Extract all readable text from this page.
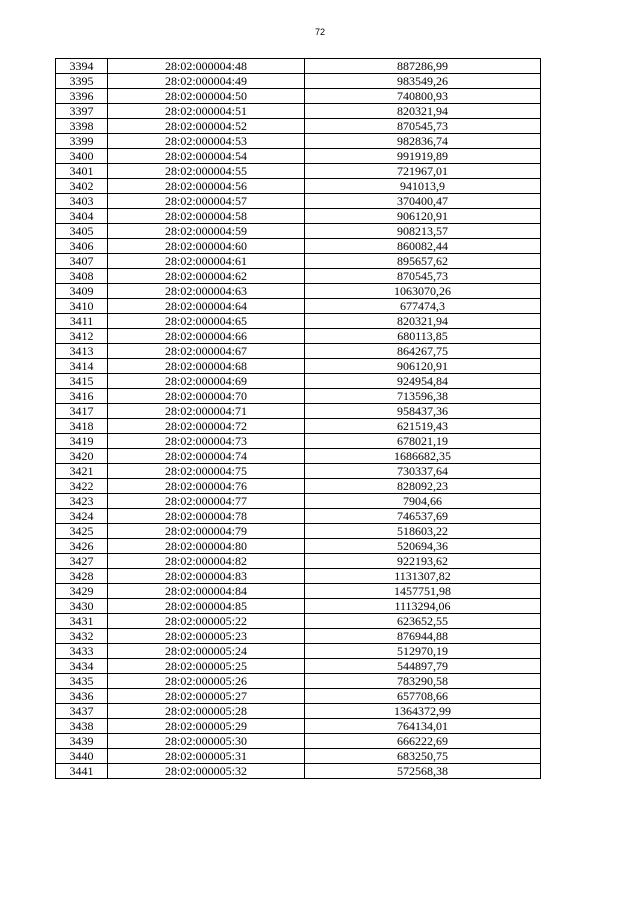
72
3394	28:02:000004:48	887286,99
3395	28:02:000004:49	983549,26
3396	28:02:000004:50	740800,93
3397	28:02:000004:51	820321,94
3398	28:02:000004:52	870545,73
3399	28:02:000004:53	982836,74
3400	28:02:000004:54	991919,89
3401	28:02:000004:55	721967,01
3402	28:02:000004:56	941013,9
3403	28:02:000004:57	370400,47
3404	28:02:000004:58	906120,91
3405	28:02:000004:59	908213,57
3406	28:02:000004:60	860082,44
3407	28:02:000004:61	895657,62
3408	28:02:000004:62	870545,73
3409	28:02:000004:63	1063070,26
3410	28:02:000004:64	677474,3
3411	28:02:000004:65	820321,94
3412	28:02:000004:66	680113,85
3413	28:02:000004:67	864267,75
3414	28:02:000004:68	906120,91
3415	28:02:000004:69	924954,84
3416	28:02:000004:70	713596,38
3417	28:02:000004:71	958437,36
3418	28:02:000004:72	621519,43
3419	28:02:000004:73	678021,19
3420	28:02:000004:74	1686682,35
3421	28:02:000004:75	730337,64
3422	28:02:000004:76	828092,23
3423	28:02:000004:77	7904,66
3424	28:02:000004:78	746537,69
3425	28:02:000004:79	518603,22
3426	28:02:000004:80	520694,36
3427	28:02:000004:82	922193,62
3428	28:02:000004:83	1131307,82
3429	28:02:000004:84	1457751,98
3430	28:02:000004:85	1113294,06
3431	28:02:000005:22	623652,55
3432	28:02:000005:23	876944,88
3433	28:02:000005:24	512970,19
3434	28:02:000005:25	544897,79
3435	28:02:000005:26	783290,58
3436	28:02:000005:27	657708,66
3437	28:02:000005:28	1364372,99
3438	28:02:000005:29	764134,01
3439	28:02:000005:30	666222,69
3440	28:02:000005:31	683250,75
3441	28:02:000005:32	572568,38
